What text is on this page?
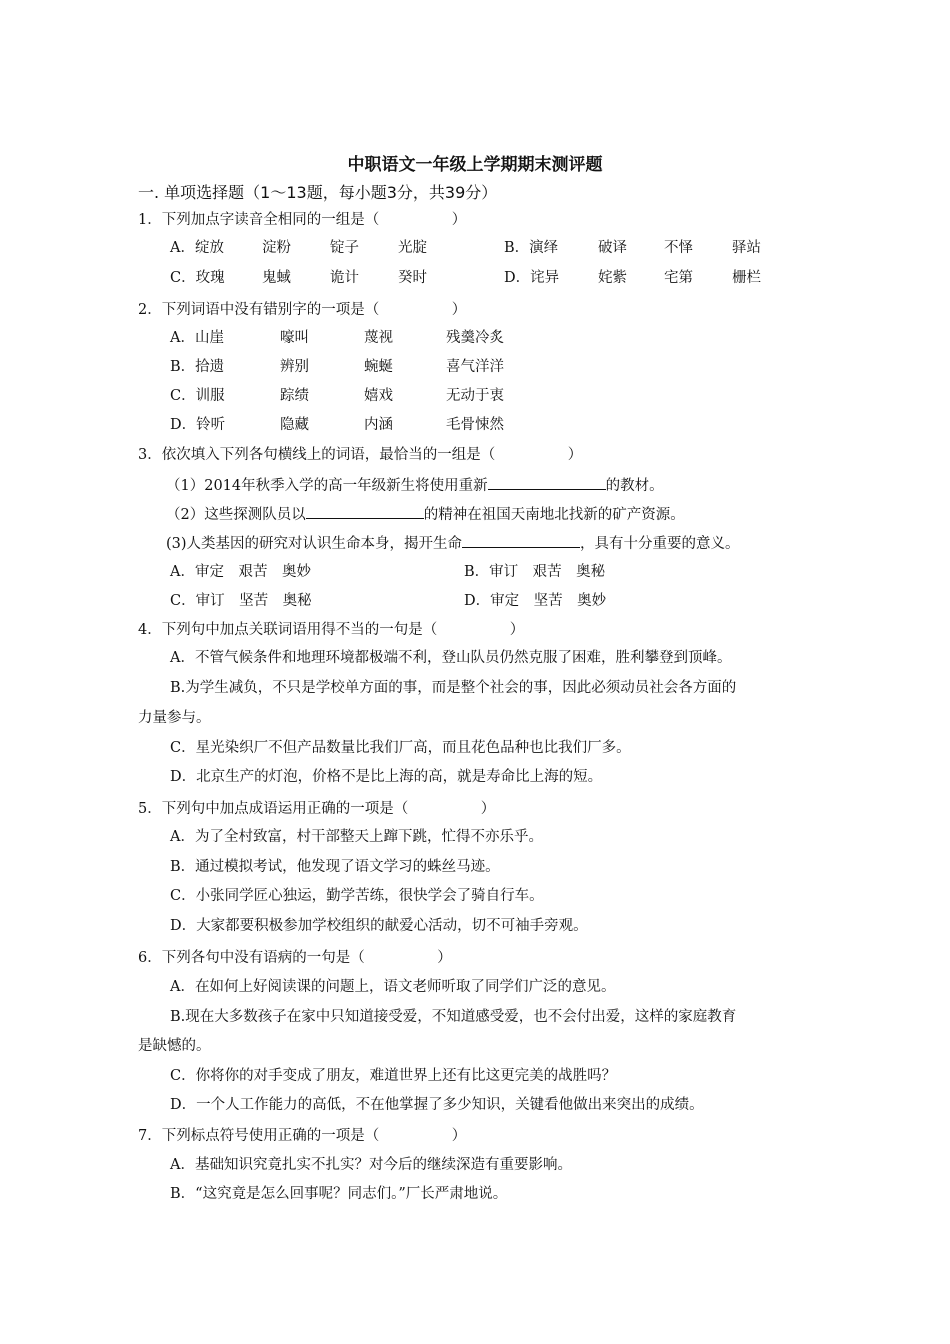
中职语文一年级上学期期末测评题
一. 单项选择题（1～13题，每小题3分，共39分）
1．下列加点字读音全相同的一组是（　　　　　）
A．绽放	淀粉	锭子	光腚	B．演绎	破译	不怿	驿站
C．玫瑰	鬼蜮	诡计	癸时	D．诧异	姹紫	宅第	栅栏
2．下列词语中没有错别字的一项是（　　　　　）
A．山崖	嚎叫	蔑视	残羹冷炙
B．拾遗	辨别	蜿蜒	喜气洋洋
C．训服	踪绩	嬉戏	无动于衷
D．铃听	隐藏	内涵	毛骨悚然
3．依次填入下列各句横线上的词语，最恰当的一组是（　　　　　）
（1）2014年秋季入学的高一年级新生将使用重新	的教材。
（2）这些探测队员以	的精神在祖国天南地北找新的矿产资源。
(3)人类基因的研究对认识生命本身，揭开生命	，具有十分重要的意义。
A．审定　艰苦　奥妙	B．审订　艰苦　奥秘
C．审订　坚苦　奥秘	D．审定　坚苦　奥妙
4．下列句中加点关联词语用得不当的一句是（　　　　　）
A．不管气候条件和地理环境都极端不利，登山队员仍然克服了困难，胜利攀登到顶峰。
B.为学生减负，不只是学校单方面的事，而是整个社会的事，因此必须动员社会各方面的
力量参与。
C．星光染织厂不但产品数量比我们厂高，而且花色品种也比我们厂多。
D．北京生产的灯泡，价格不是比上海的高，就是寿命比上海的短。
5．下列句中加点成语运用正确的一项是（　　　　　）
A．为了全村致富，村干部整天上蹿下跳，忙得不亦乐乎。
B．通过模拟考试，他发现了语文学习的蛛丝马迹。
C．小张同学匠心独运，勤学苦练，很快学会了骑自行车。
D．大家都要积极参加学校组织的献爱心活动，切不可袖手旁观。
6．下列各句中没有语病的一句是（　　　　　）
A．在如何上好阅读课的问题上，语文老师听取了同学们广泛的意见。
B.现在大多数孩子在家中只知道接受爱，不知道感受爱，也不会付出爱，这样的家庭教育
是缺憾的。
C．你将你的对手变成了朋友，难道世界上还有比这更完美的战胜吗？
D．一个人工作能力的高低，不在他掌握了多少知识，关键看他做出来突出的成绩。
7．下列标点符号使用正确的一项是（　　　　　）
A．基础知识究竟扎实不扎实？对今后的继续深造有重要影响。
B．“这究竟是怎么回事呢？同志们。”厂长严肃地说。
